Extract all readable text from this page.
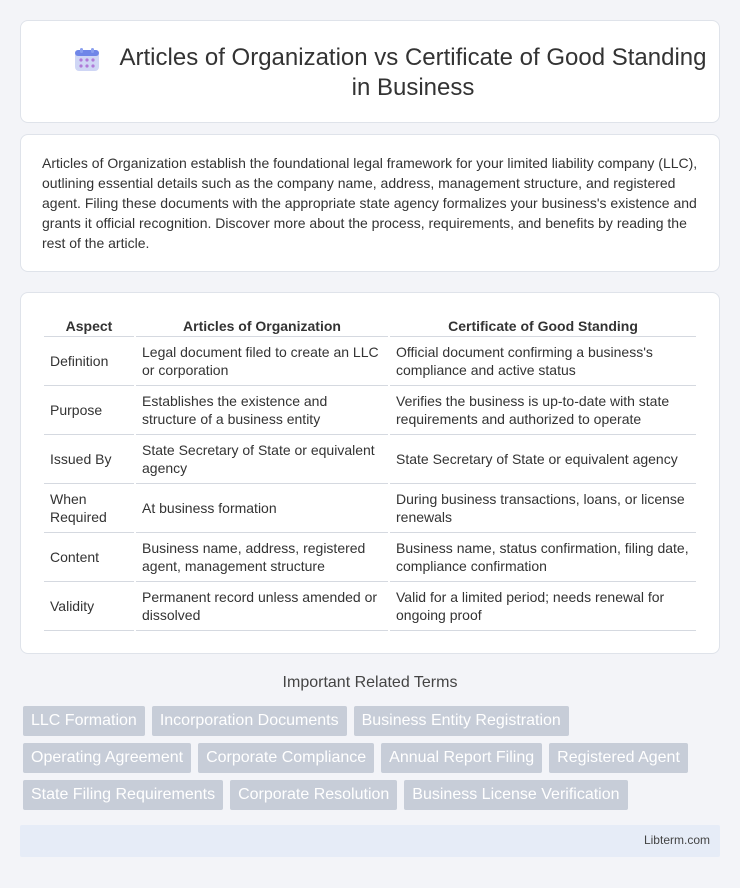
Articles of Organization vs Certificate of Good Standing in Business

Articles of Organization establish the foundational legal framework for your limited liability company (LLC), outlining essential details such as the company name, address, management structure, and registered agent. Filing these documents with the appropriate state agency formalizes your business's existence and grants it official recognition. Discover more about the process, requirements, and benefits by reading the rest of the article.

Aspect	Articles of Organization	Certificate of Good Standing
Definition	Legal document filed to create an LLC or corporation	Official document confirming a business's compliance and active status
Purpose	Establishes the existence and structure of a business entity	Verifies the business is up-to-date with state requirements and authorized to operate
Issued By	State Secretary of State or equivalent agency	State Secretary of State or equivalent agency
When Required	At business formation	During business transactions, loans, or license renewals
Content	Business name, address, registered agent, management structure	Business name, status confirmation, filing date, compliance confirmation
Validity	Permanent record unless amended or dissolved	Valid for a limited period; needs renewal for ongoing proof
Important Related Terms
LLC Formation	Incorporation Documents	Business Entity Registration
Operating Agreement	Corporate Compliance	Annual Report Filing	Registered Agent
State Filing Requirements	Corporate Resolution	Business License Verification
Libterm.com
